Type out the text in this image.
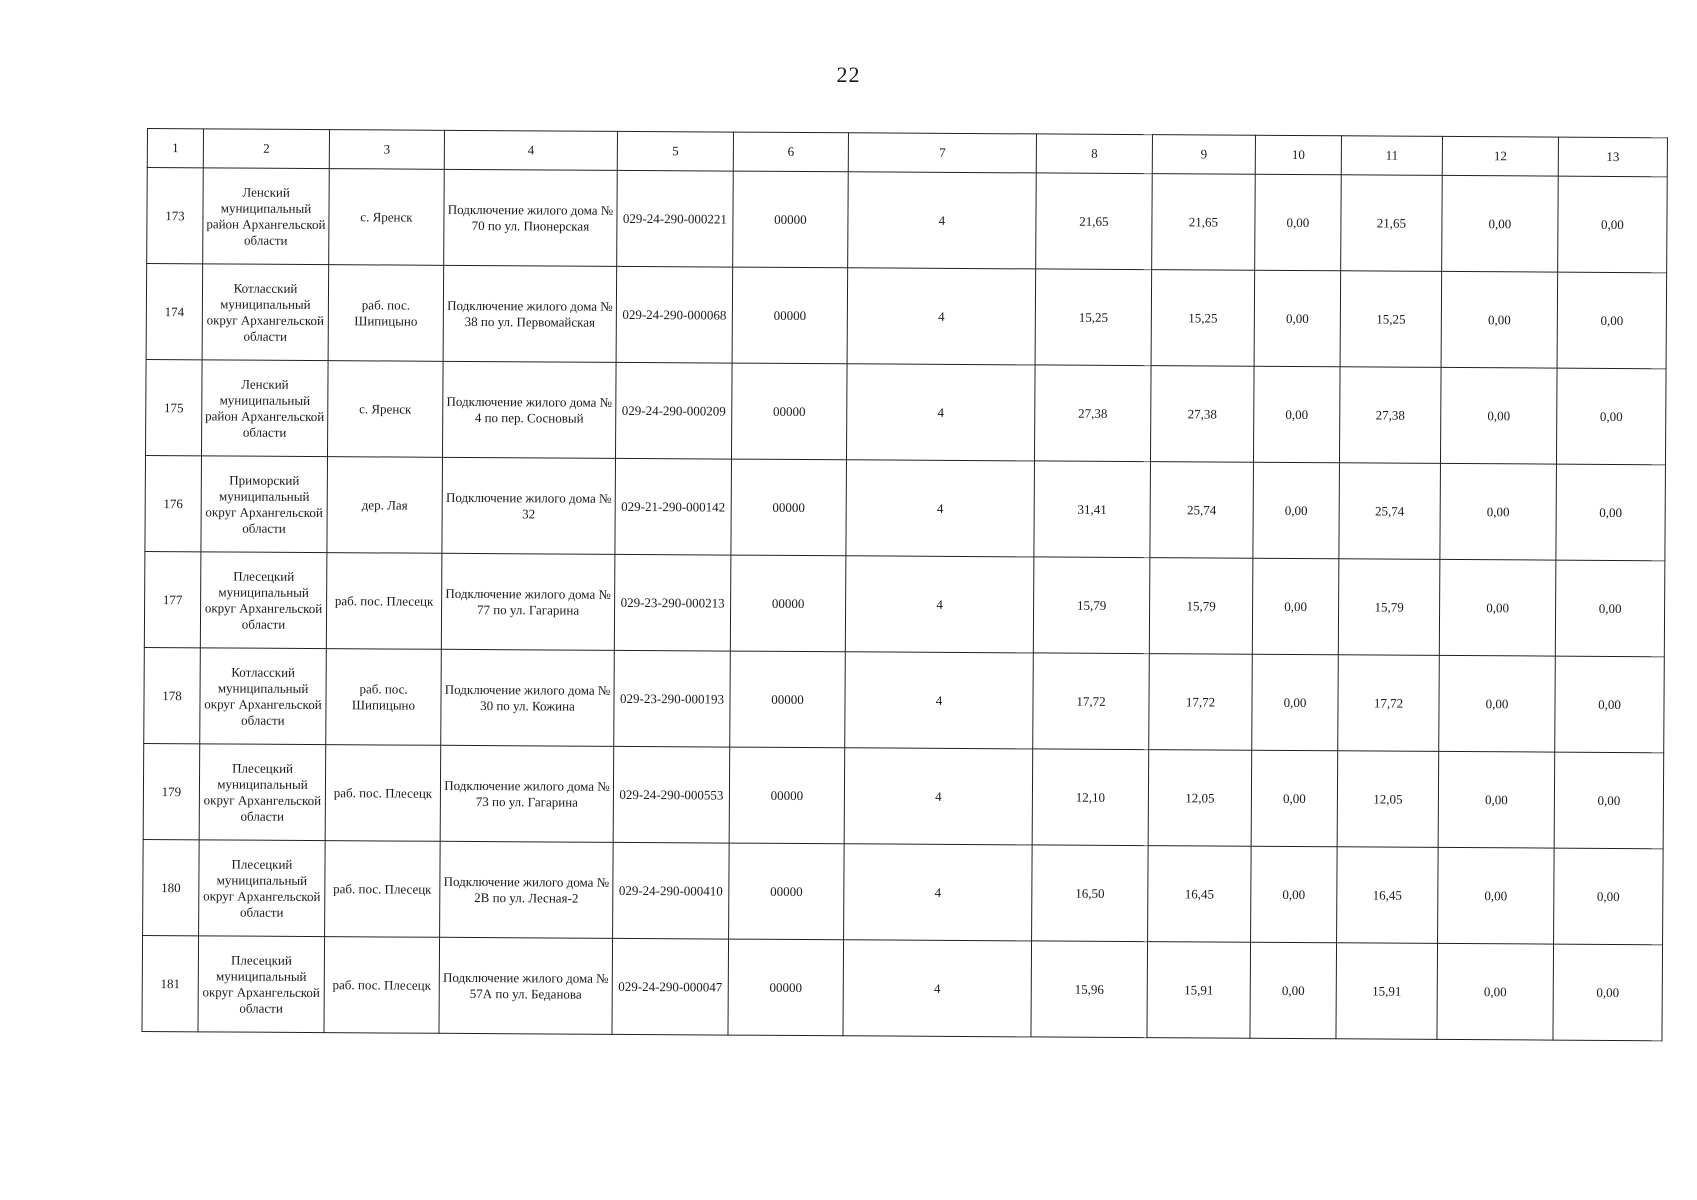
22
1	2	3	4	5	6	7	8	9	10	11	12	13
173	Ленский муниципальный район Архангельской области	с. Яренск	Подключение жилого дома № 70 по ул. Пионерская	029-24-290-000221	00000	4	21,65	21,65	0,00	21,65	0,00	0,00
174	Котласский муниципальный округ Архангельской области	раб. пос. Шипицыно	Подключение жилого дома № 38 по ул. Первомайская	029-24-290-000068	00000	4	15,25	15,25	0,00	15,25	0,00	0,00
175	Ленский муниципальный район Архангельской области	с. Яренск	Подключение жилого дома № 4 по пер. Сосновый	029-24-290-000209	00000	4	27,38	27,38	0,00	27,38	0,00	0,00
176	Приморский муниципальный округ Архангельской области	дер. Лая	Подключение жилого дома № 32	029-21-290-000142	00000	4	31,41	25,74	0,00	25,74	0,00	0,00
177	Плесецкий муниципальный округ Архангельской области	раб. пос. Плесецк	Подключение жилого дома № 77 по ул. Гагарина	029-23-290-000213	00000	4	15,79	15,79	0,00	15,79	0,00	0,00
178	Котласский муниципальный округ Архангельской области	раб. пос. Шипицыно	Подключение жилого дома № 30 по ул. Кожина	029-23-290-000193	00000	4	17,72	17,72	0,00	17,72	0,00	0,00
179	Плесецкий муниципальный округ Архангельской области	раб. пос. Плесецк	Подключение жилого дома № 73 по ул. Гагарина	029-24-290-000553	00000	4	12,10	12,05	0,00	12,05	0,00	0,00
180	Плесецкий муниципальный округ Архангельской области	раб. пос. Плесецк	Подключение жилого дома № 2В по ул. Лесная-2	029-24-290-000410	00000	4	16,50	16,45	0,00	16,45	0,00	0,00
181	Плесецкий муниципальный округ Архангельской области	раб. пос. Плесецк	Подключение жилого дома № 57А по ул. Беданова	029-24-290-000047	00000	4	15,96	15,91	0,00	15,91	0,00	0,00
